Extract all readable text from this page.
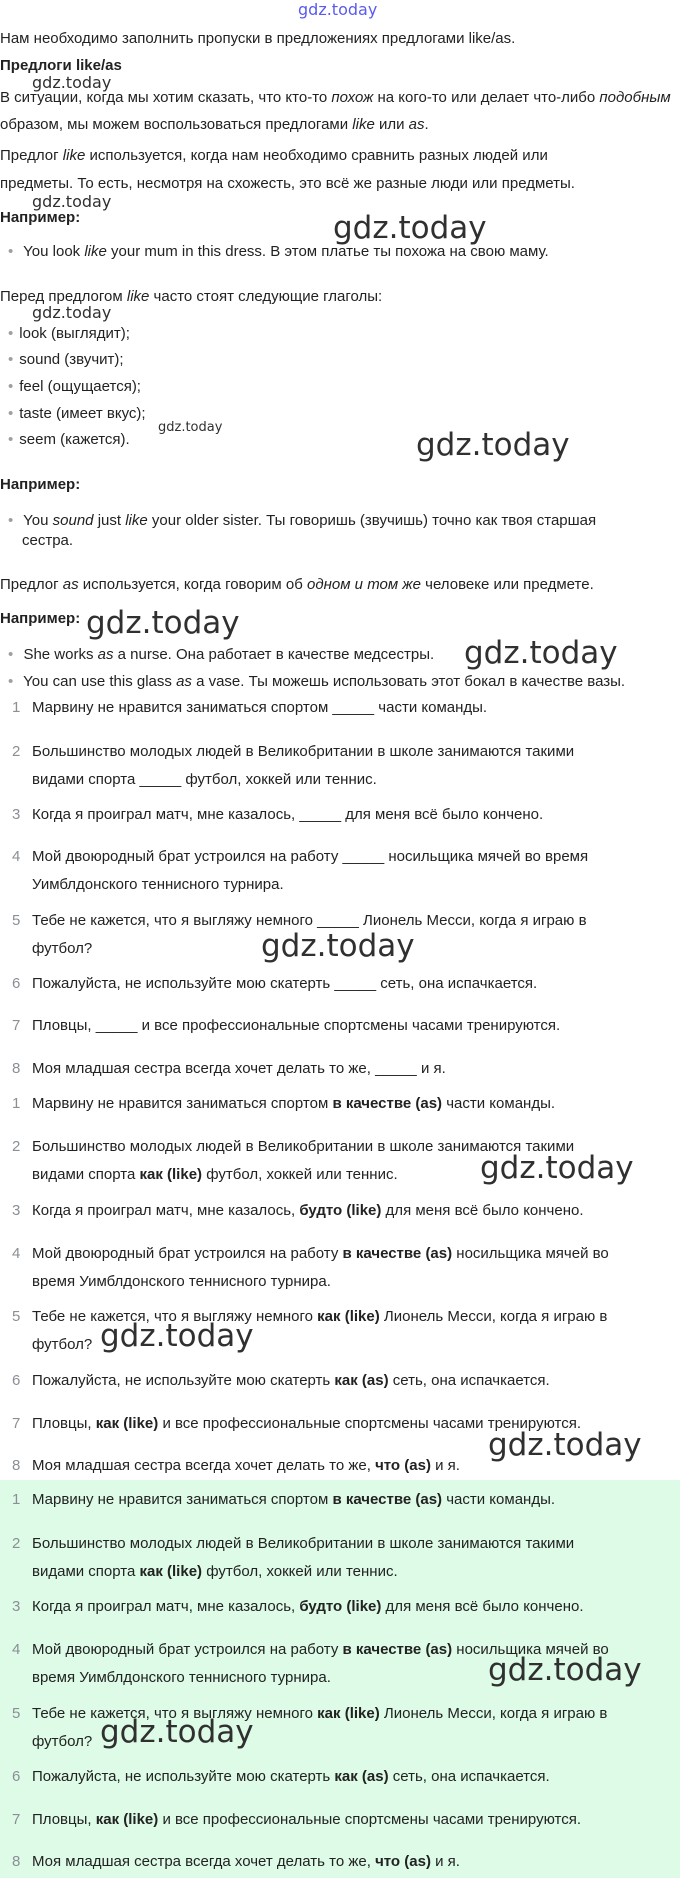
gdz.today
Нам необходимо заполнить пропуски в предложениях предлогами like/as.
Предлоги like/as
gdz.today
В ситуации, когда мы хотим сказать, что кто-то похож на кого-то или делает что-либо подобным образом, мы можем воспользоваться предлогами like или as.
Предлог like используется, когда нам необходимо сравнить разных людей или
предметы. То есть, несмотря на схожесть, это всё же разные люди или предметы.
gdz.today
Например:	gdz.today
• You look like your mum in this dress. В этом платье ты похожа на свою маму.
Перед предлогом like часто стоят следующие глаголы:
gdz.today
• look (выглядит);
• sound (звучит);
• feel (ощущается);
• taste (имеет вкус);
gdz.today
• seem (кажется).	gdz.today
Например:
• You sound just like your older sister. Ты говоришь (звучишь) точно как твоя старшая
сестра.
Предлог as используется, когда говорим об одном и том же человеке или предмете.
Например: gdz.today
• She works as a nurse. Она работает в качестве медсестры. gdz.today
• You can use this glass as a vase. Ты можешь использовать этот бокал в качестве вазы.
1 Марвину не нравится заниматься спортом _____ части команды.
2 Большинство молодых людей в Великобритании в школе занимаются такими
видами спорта _____ футбол, хоккей или теннис.
3 Когда я проиграл матч, мне казалось, _____ для меня всё было кончено.
4 Мой двоюродный брат устроился на работу _____ носильщика мячей во время
Уимблдонского теннисного турнира.
5 Тебе не кажется, что я выгляжу немного _____ Лионель Месси, когда я играю в
футбол?	gdz.today
6 Пожалуйста, не используйте мою скатерть _____ сеть, она испачкается.
7 Пловцы, _____ и все профессиональные спортсмены часами тренируются.
8 Моя младшая сестра всегда хочет делать то же, _____ и я.
1 Марвину не нравится заниматься спортом в качестве (as) части команды.
2 Большинство молодых людей в Великобритании в школе занимаются такими
видами спорта как (like) футбол, хоккей или теннис.	gdz.today
3 Когда я проиграл матч, мне казалось, будто (like) для меня всё было кончено.
4 Мой двоюродный брат устроился на работу в качестве (as) носильщика мячей во
время Уимблдонского теннисного турнира.
5 Тебе не кажется, что я выгляжу немного как (like) Лионель Месси, когда я играю в
футбол? gdz.today
6 Пожалуйста, не используйте мою скатерть как (as) сеть, она испачкается.
7 Пловцы, как (like) и все профессиональные спортсмены часами тренируются.
8 Моя младшая сестра всегда хочет делать то же, что (as) и я.
gdz.today
1 Марвину не нравится заниматься спортом в качестве (as) части команды.
2 Большинство молодых людей в Великобритании в школе занимаются такими
видами спорта как (like) футбол, хоккей или теннис.
3 Когда я проиграл матч, мне казалось, будто (like) для меня всё было кончено.
4 Мой двоюродный брат устроился на работу в качестве (as) носильщика мячей во
время Уимблдонского теннисного турнира.	gdz.today
5 Тебе не кажется, что я выгляжу немного как (like) Лионель Месси, когда я играю в
футбол? gdz.today
6 Пожалуйста, не используйте мою скатерть как (as) сеть, она испачкается.
7 Пловцы, как (like) и все профессиональные спортсмены часами тренируются.
8 Моя младшая сестра всегда хочет делать то же, что (as) и я.
